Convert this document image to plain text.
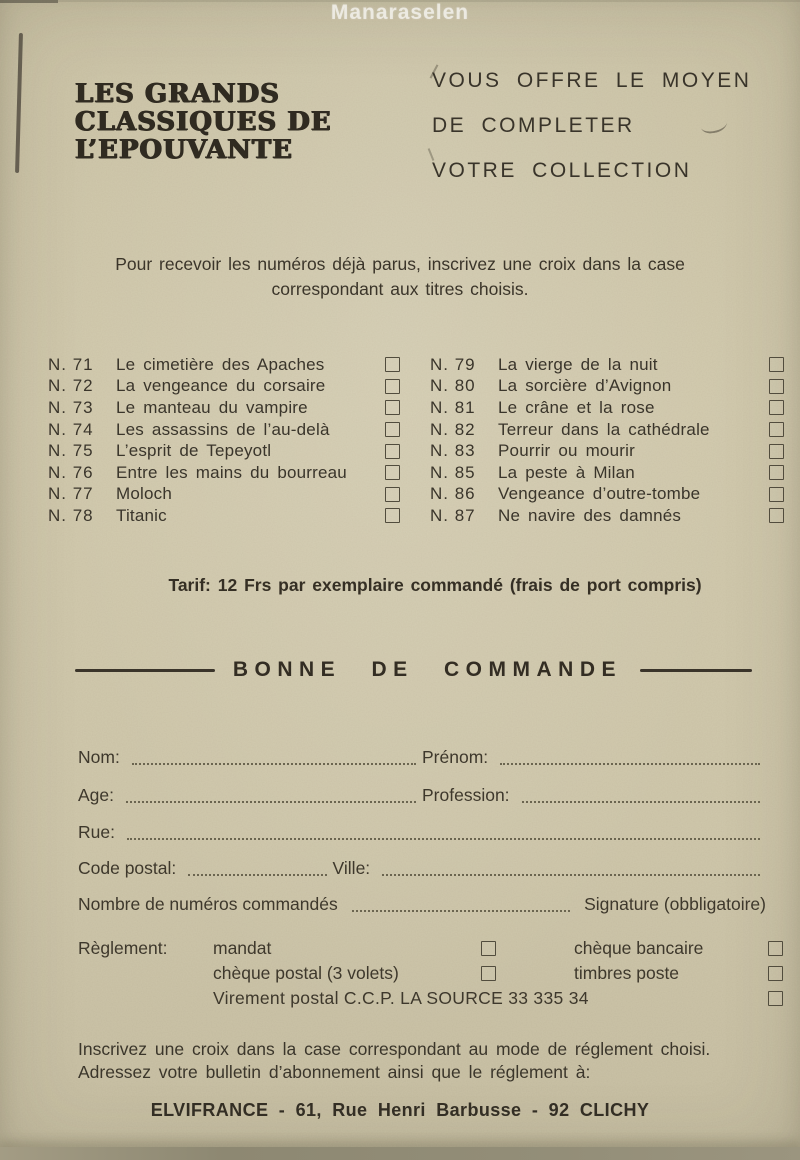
Manaraselen
LES GRANDS
CLASSIQUES DE
L’EPOUVANTE
VOUS OFFRE LE MOYEN
DE COMPLETER
VOTRE COLLECTION
Pour recevoir les numéros déjà parus, inscrivez une croix dans la case
correspondant aux titres choisis.
N. 71	Le cimetière des Apaches
N. 72	La vengeance du corsaire
N. 73	Le manteau du vampire
N. 74	Les assassins de l’au-delà
N. 75	L’esprit de Tepeyotl
N. 76	Entre les mains du bourreau
N. 77	Moloch
N. 78	Titanic
N. 79	La vierge de la nuit
N. 80	La sorcière d’Avignon
N. 81	Le crâne et la rose
N. 82	Terreur dans la cathédrale
N. 83	Pourrir ou mourir
N. 85	La peste à Milan
N. 86	Vengeance d’outre-tombe
N. 87	Ne navire des damnés
Tarif: 12 Frs par exemplaire commandé (frais de port compris)
BONNE DE COMMANDE
Nom:	Prénom:
Age:	Profession:
Rue:
Code postal:	Ville:
Nombre de numéros commandés	Signature (obbligatoire)
Règlement:	mandat	chèque bancaire
chèque postal (3 volets)	timbres poste
Virement postal C.C.P. LA SOURCE 33 335 34
Inscrivez une croix dans la case correspondant au mode de réglement choisi.
Adressez votre bulletin d’abonnement ainsi que le réglement à:
ELVIFRANCE - 61, Rue Henri Barbusse - 92 CLICHY
